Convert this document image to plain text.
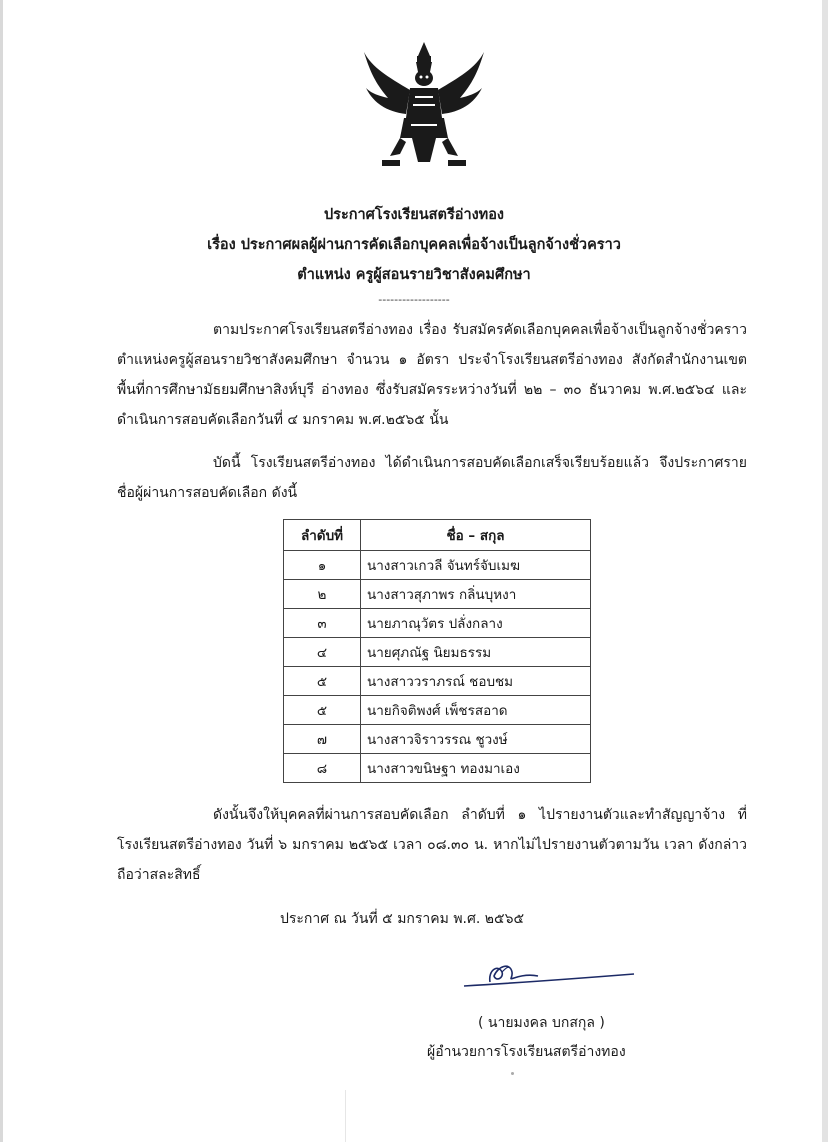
ประกาศโรงเรียนสตรีอ่างทอง
เรื่อง ประกาศผลผู้ผ่านการคัดเลือกบุคคลเพื่อจ้างเป็นลูกจ้างชั่วคราว
ตำแหน่ง ครูผู้สอนรายวิชาสังคมศึกษา
------------------
ตามประกาศโรงเรียนสตรีอ่างทอง เรื่อง รับสมัครคัดเลือกบุคคลเพื่อจ้างเป็นลูกจ้างชั่วคราว ตำแหน่งครูผู้สอนรายวิชาสังคมศึกษา จำนวน ๑ อัตรา ประจำโรงเรียนสตรีอ่างทอง สังกัดสำนักงานเขตพื้นที่การศึกษามัธยมศึกษาสิงห์บุรี อ่างทอง ซึ่งรับสมัครระหว่างวันที่ ๒๒ – ๓๐ ธันวาคม พ.ศ.๒๕๖๔ และดำเนินการสอบคัดเลือกวันที่ ๔ มกราคม พ.ศ.๒๕๖๕ นั้น
บัดนี้ โรงเรียนสตรีอ่างทอง ได้ดำเนินการสอบคัดเลือกเสร็จเรียบร้อยแล้ว จึงประกาศรายชื่อผู้ผ่านการสอบคัดเลือก ดังนี้
ลำดับที่	ชื่อ – สกุล
๑	นางสาวเกวลี จันทร์จับเมฆ
๒	นางสาวสุภาพร กลิ่นบุหงา
๓	นายภาณุวัตร ปลั่งกลาง
๔	นายศุภณัฐ นิยมธรรม
๕	นางสาววราภรณ์ ชอบชม
๕	นายกิจติพงศ์ เพ็ชรสอาด
๗	นางสาวจิราวรรณ ชูวงษ์
๘	นางสาวขนิษฐา ทองมาเอง
ดังนั้นจึงให้บุคคลที่ผ่านการสอบคัดเลือก ลำดับที่ ๑ ไปรายงานตัวและทำสัญญาจ้าง ที่โรงเรียนสตรีอ่างทอง วันที่ ๖ มกราคม ๒๕๖๕ เวลา ๐๘.๓๐ น. หากไม่ไปรายงานตัวตามวัน เวลา ดังกล่าว ถือว่าสละสิทธิ์
ประกาศ ณ วันที่ ๕ มกราคม พ.ศ. ๒๕๖๕
( นายมงคล บกสกุล )
ผู้อำนวยการโรงเรียนสตรีอ่างทอง
